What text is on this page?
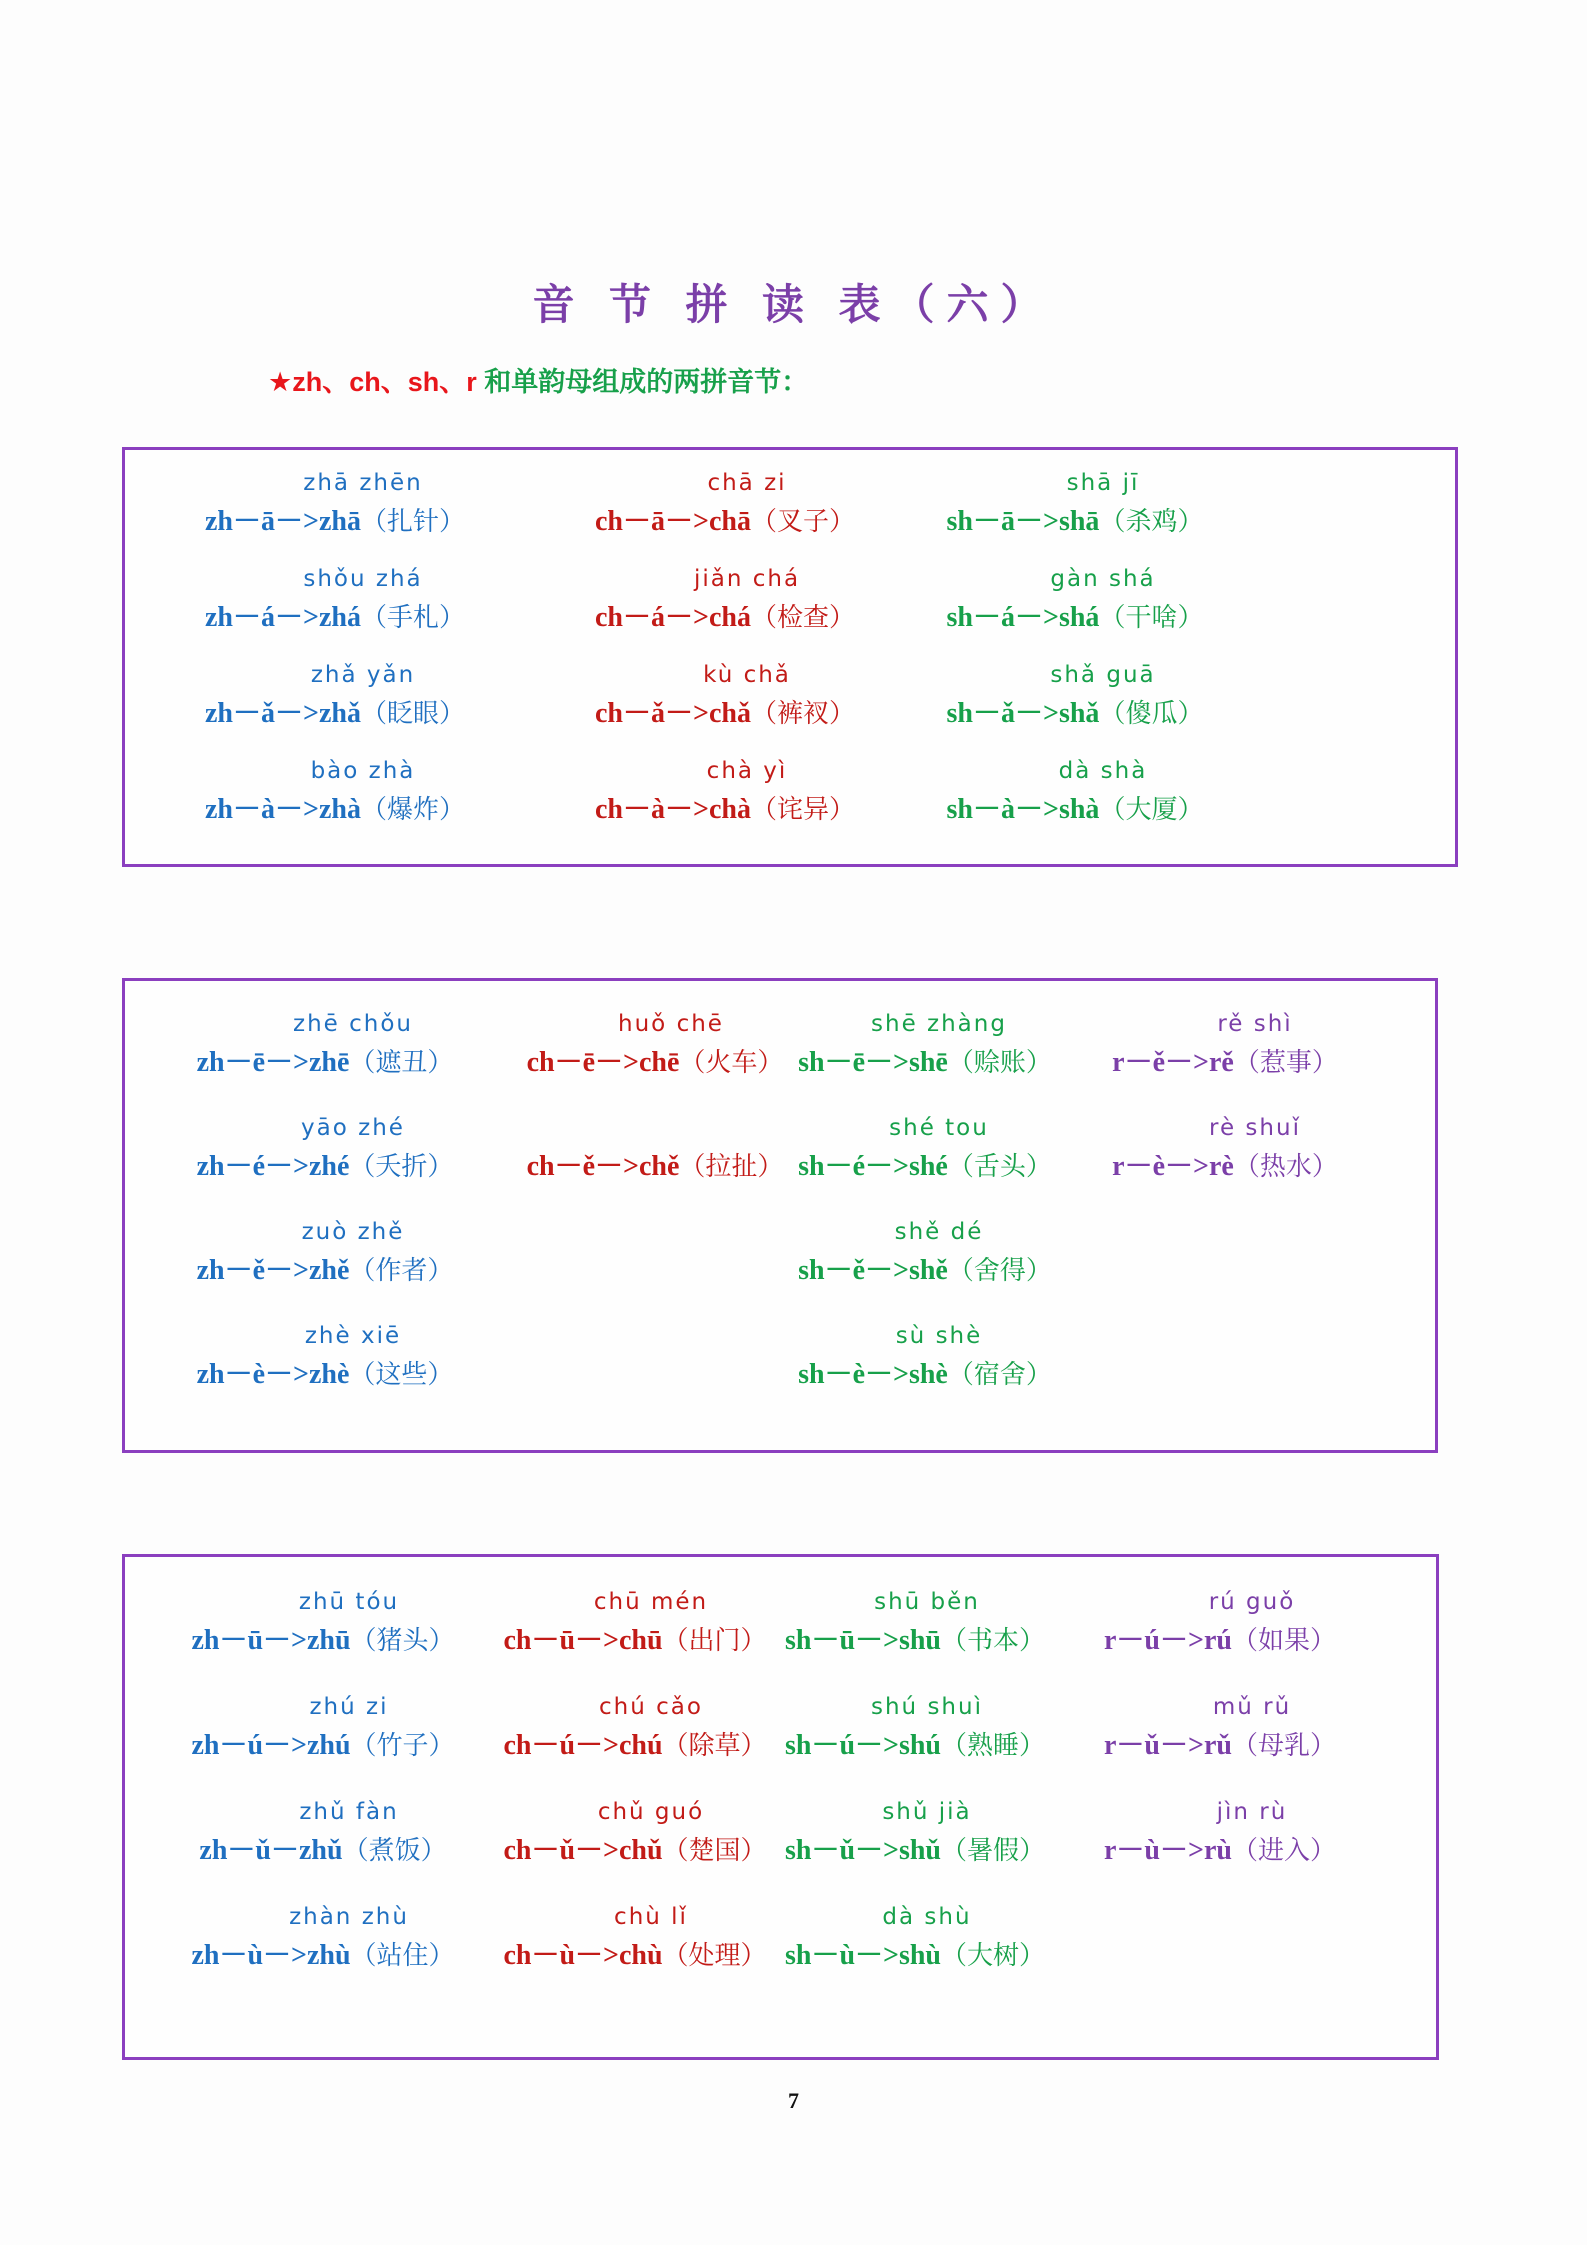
音 节 拼 读 表（六）
★zh、ch、sh、r 和单韵母组成的两拼音节：
zhā zhēn
zh－ā－>zhā（扎针）
chā zi
ch－ā－>chā（叉子）
shā jī
sh－ā－>shā（杀鸡）
shǒu zhá
zh－á－>zhá（手札）
jiǎn chá
ch－á－>chá（检查）
gàn shá
sh－á－>shá（干啥）
zhǎ yǎn
zh－ǎ－>zhǎ（眨眼）
kù chǎ
ch－ǎ－>chǎ（裤衩）
shǎ guā
sh－ǎ－>shǎ（傻瓜）
bào zhà
zh－à－>zhà（爆炸）
chà yì
ch－à－>chà（诧异）
dà shà
sh－à－>shà（大厦）
zhē chǒu
zh－ē－>zhē（遮丑）
huǒ chē
ch－ē－>chē（火车）
shē zhàng
sh－ē－>shē（赊账）
rě shì
r－ě－>rě（惹事）
yāo zhé
zh－é－>zhé（夭折）	ch－ě－>chě（拉扯）
shé tou
sh－é－>shé（舌头）
rè shuǐ
r－è－>rè（热水）
zuò zhě
zh－ě－>zhě（作者）
shě dé
sh－ě－>shě（舍得）
zhè xiē
zh－è－>zhè（这些）
sù shè
sh－è－>shè（宿舍）
zhū tóu
zh－ū－>zhū（猪头）
chū mén
ch－ū－>chū（出门）
shū běn
sh－ū－>shū（书本）
rú guǒ
r－ú－>rú（如果）
zhú zi
zh－ú－>zhú（竹子）
chú cǎo
ch－ú－>chú（除草）
shú shuì
sh－ú－>shú（熟睡）
mǔ rǔ
r－ǔ－>rǔ（母乳）
zhǔ fàn
zh－ǔ－zhǔ（煮饭）
chǔ guó
ch－ǔ－>chǔ（楚国）
shǔ jià
sh－ǔ－>shǔ（暑假）
jìn rù
r－ù－>rù（进入）
zhàn zhù
zh－ù－>zhù（站住）
chù lǐ
ch－ù－>chù（处理）
dà shù
sh－ù－>shù（大树）
7
